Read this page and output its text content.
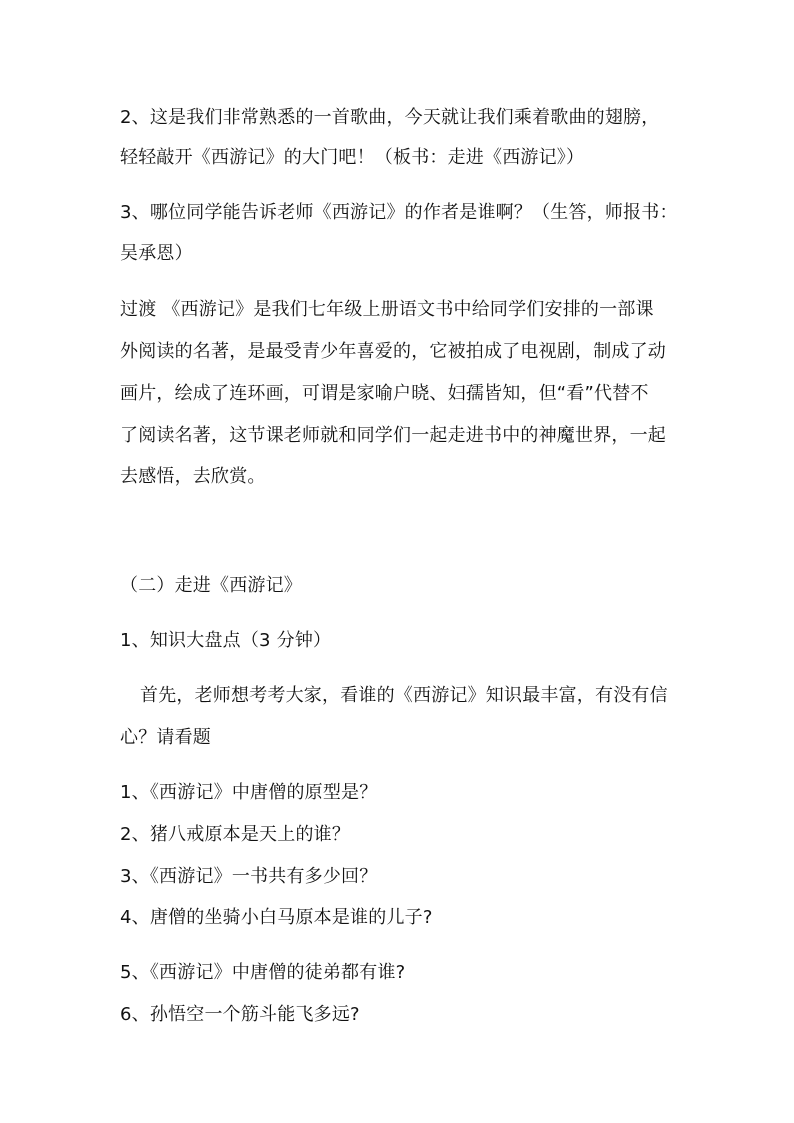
2、这是我们非常熟悉的一首歌曲，今天就让我们乘着歌曲的翅膀，
轻轻敲开《西游记》的大门吧！（板书：走进《西游记》）
3、哪位同学能告诉老师《西游记》的作者是谁啊？（生答，师报书：
吴承恩）
过渡 《西游记》是我们七年级上册语文书中给同学们安排的一部课
外阅读的名著，是最受青少年喜爱的，它被拍成了电视剧，制成了动
画片，绘成了连环画，可谓是家喻户晓、妇孺皆知，但“看”代替不
了阅读名著，这节课老师就和同学们一起走进书中的神魔世界，一起
去感悟，去欣赏。
（二）走进《西游记》
1、知识大盘点（3 分钟）
首先，老师想考考大家，看谁的《西游记》知识最丰富，有没有信
心？请看题
1、《西游记》中唐僧的原型是？
2、猪八戒原本是天上的谁？
3、《西游记》一书共有多少回？
4、唐僧的坐骑小白马原本是谁的儿子?
5、《西游记》中唐僧的徒弟都有谁?
6、孙悟空一个筋斗能飞多远?
